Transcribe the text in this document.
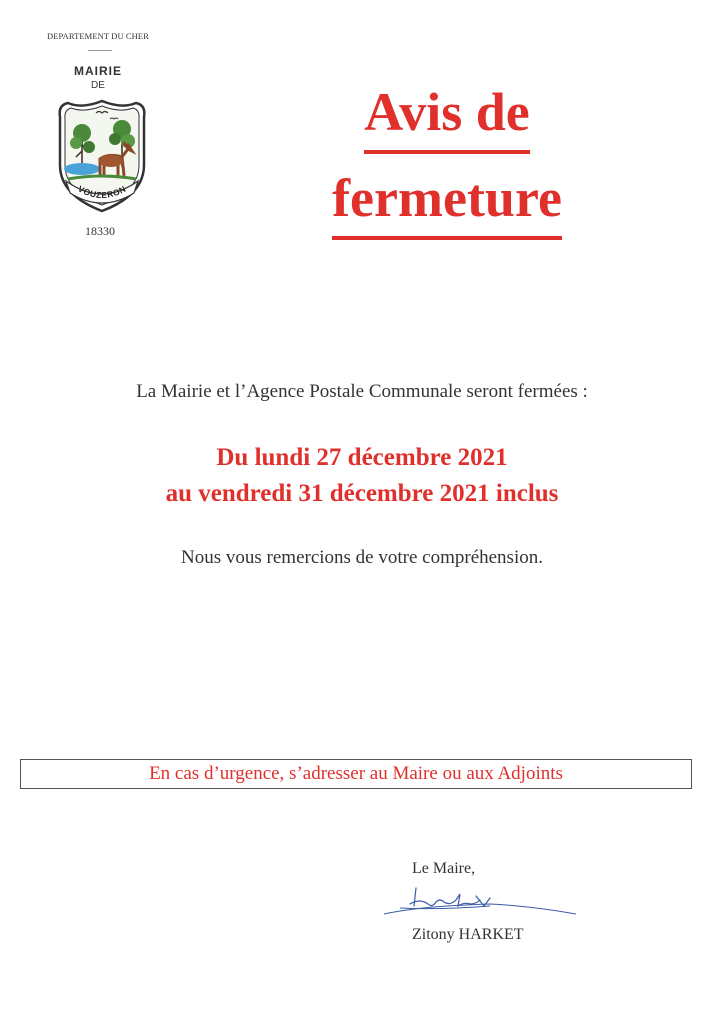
DEPARTEMENT DU CHER
MAIRIE
DE
VOUZERON
18330
Avis de
fermeture
La Mairie et l’Agence Postale Communale seront fermées :
Du lundi 27 décembre 2021
au vendredi 31 décembre 2021 inclus
Nous vous remercions de votre compréhension.
En cas d’urgence, s’adresser au Maire ou aux Adjoints
Le Maire,
Zitony HARKET
